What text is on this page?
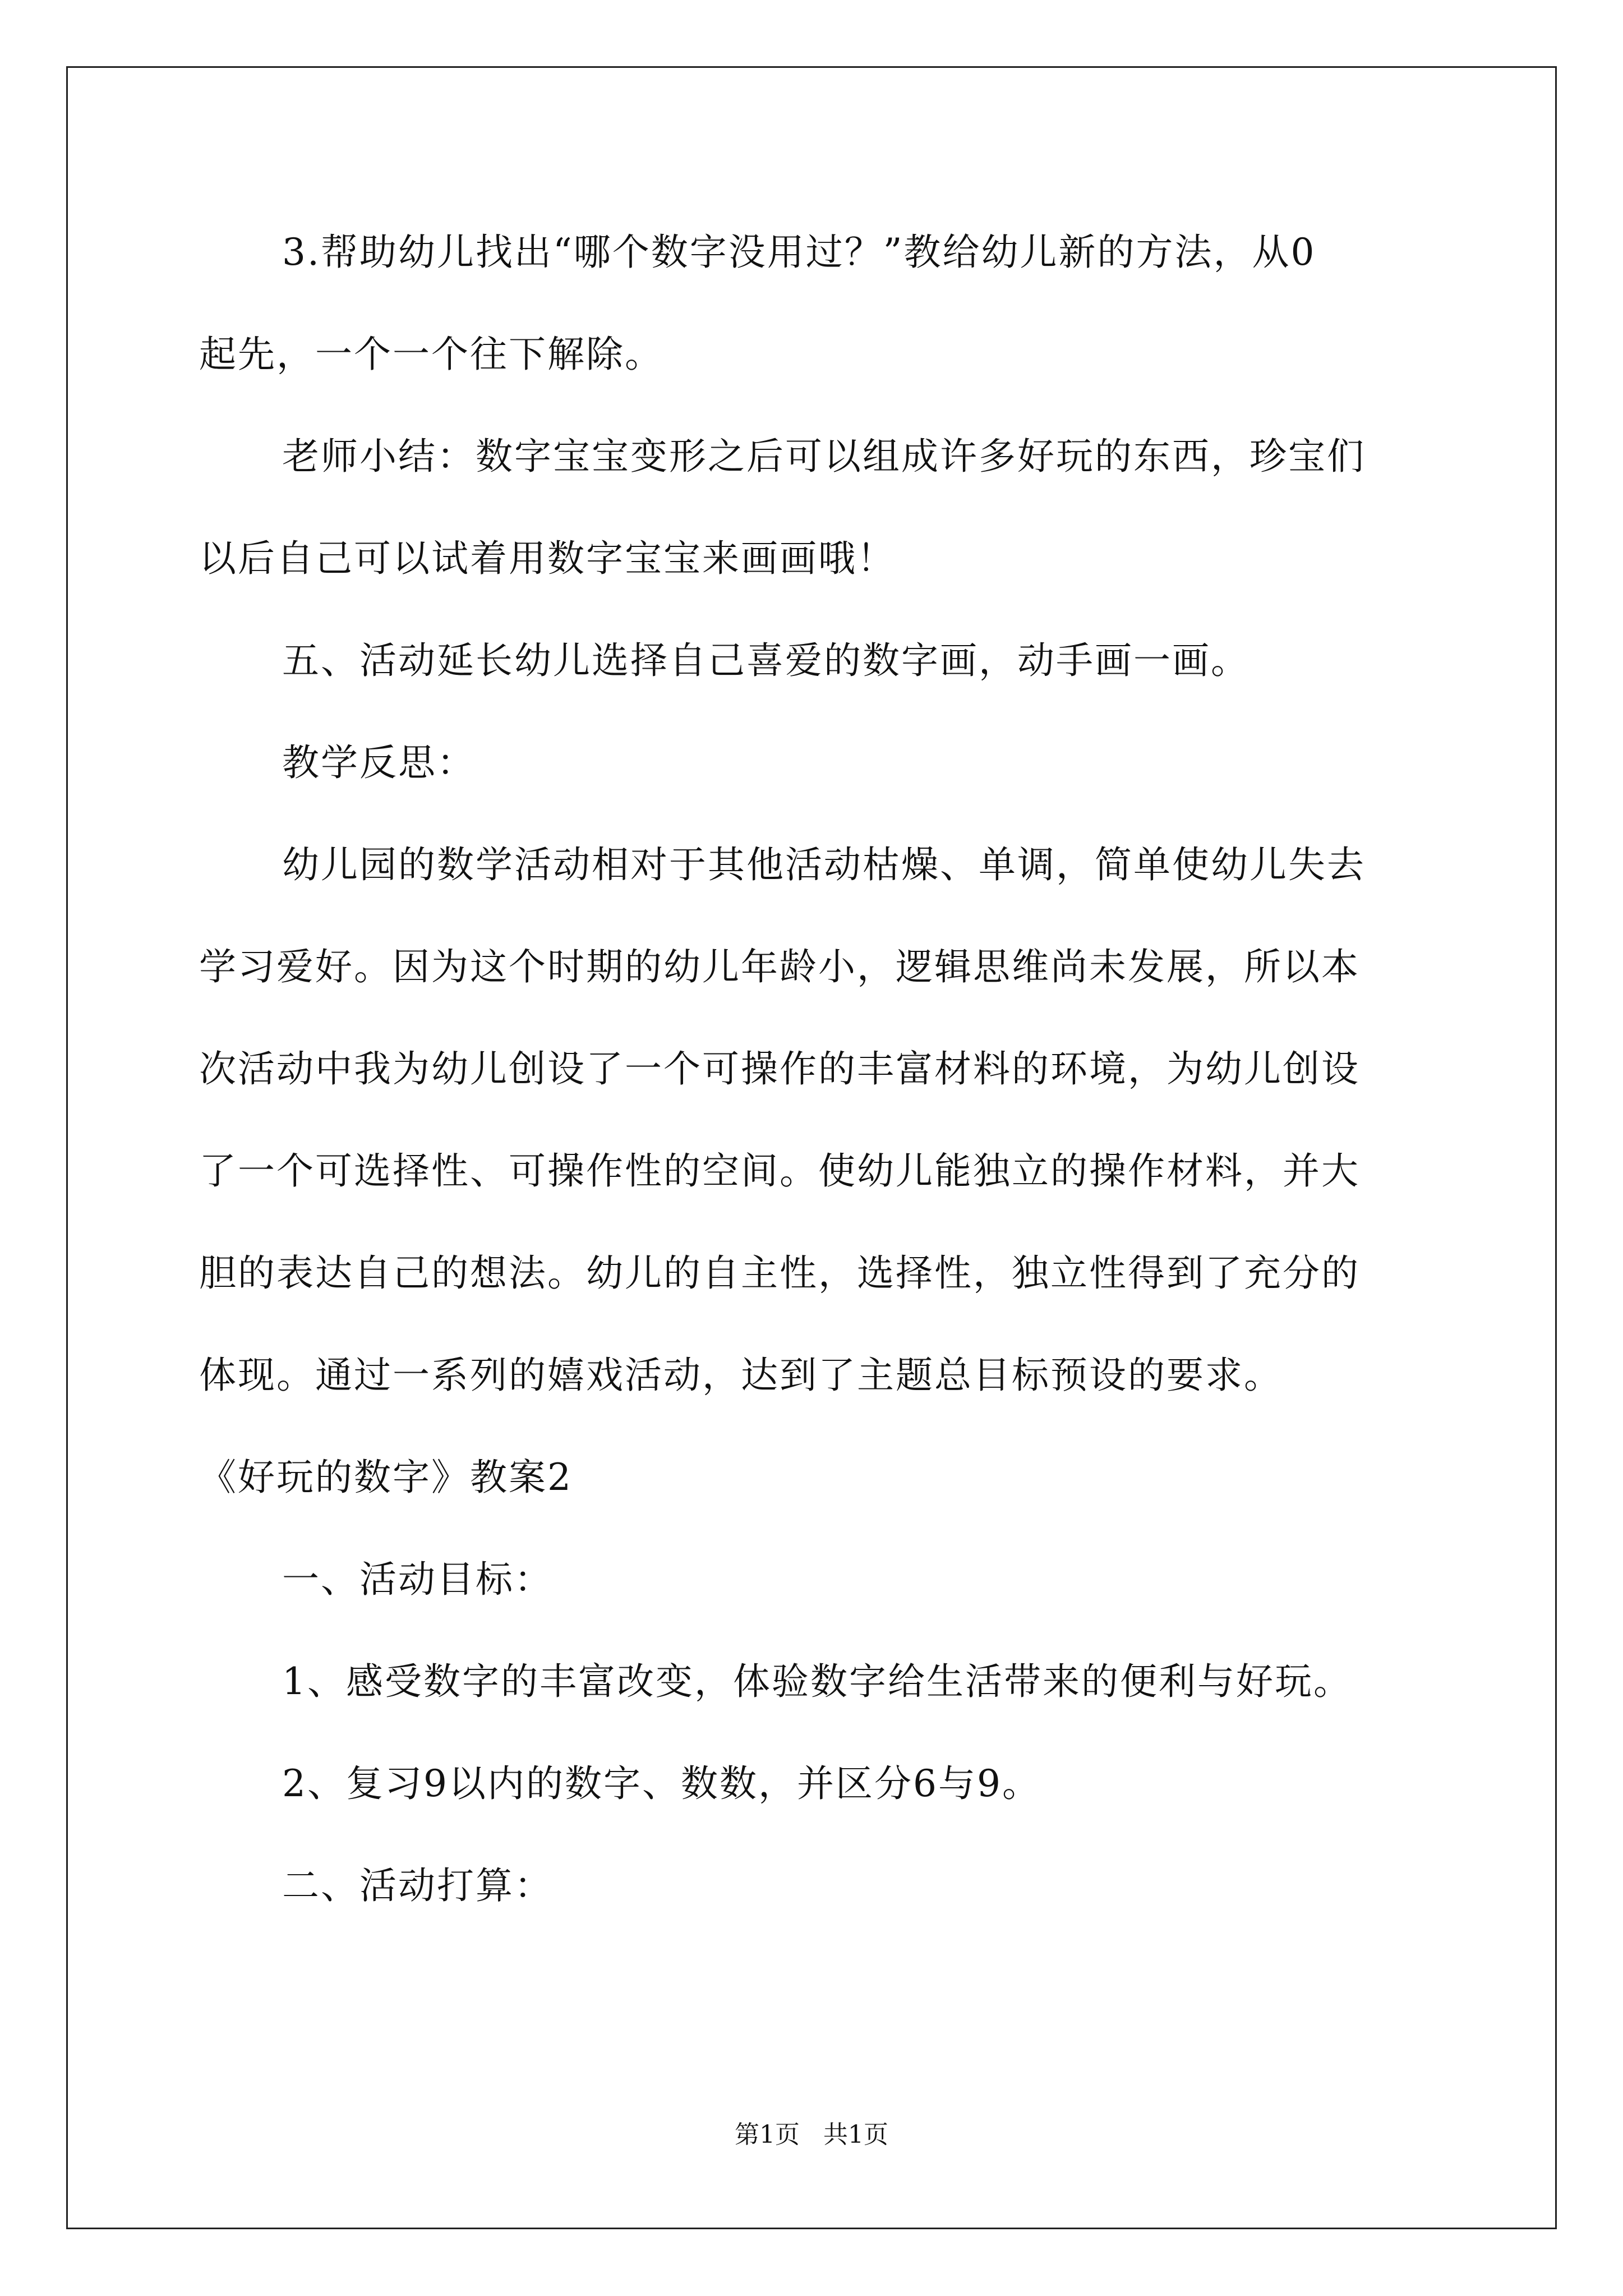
3.帮助幼儿找出“哪个数字没用过？”教给幼儿新的方法，从0
起先，一个一个往下解除。
老师小结：数字宝宝变形之后可以组成许多好玩的东西，珍宝们
以后自己可以试着用数字宝宝来画画哦！
五、活动延长幼儿选择自己喜爱的数字画，动手画一画。
教学反思：
幼儿园的数学活动相对于其他活动枯燥、单调，简单使幼儿失去
学习爱好。因为这个时期的幼儿年龄小，逻辑思维尚未发展，所以本
次活动中我为幼儿创设了一个可操作的丰富材料的环境，为幼儿创设
了一个可选择性、可操作性的空间。使幼儿能独立的操作材料，并大
胆的表达自己的想法。幼儿的自主性，选择性，独立性得到了充分的
体现。通过一系列的嬉戏活动，达到了主题总目标预设的要求。
《好玩的数字》教案2
一、活动目标：
1、感受数字的丰富改变，体验数字给生活带来的便利与好玩。
2、复习9以内的数字、数数，并区分6与9。
二、活动打算：
第1页   共1页
